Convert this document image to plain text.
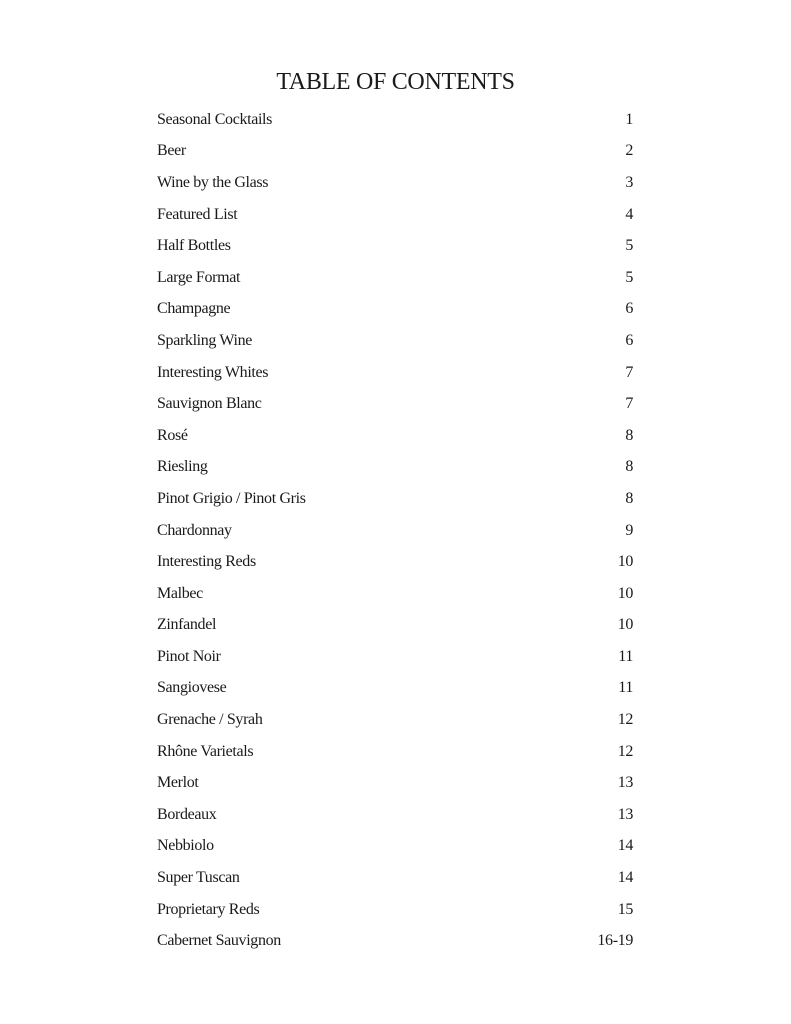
TABLE OF CONTENTS
Seasonal Cocktails	1
Beer	2
Wine by the Glass	3
Featured List	4
Half Bottles	5
Large Format	5
Champagne	6
Sparkling Wine	6
Interesting Whites	7
Sauvignon Blanc	7
Rosé	8
Riesling	8
Pinot Grigio / Pinot Gris	8
Chardonnay	9
Interesting Reds	10
Malbec	10
Zinfandel	10
Pinot Noir	11
Sangiovese	11
Grenache / Syrah	12
Rhône Varietals	12
Merlot	13
Bordeaux	13
Nebbiolo	14
Super Tuscan	14
Proprietary Reds	15
Cabernet Sauvignon	16-19
